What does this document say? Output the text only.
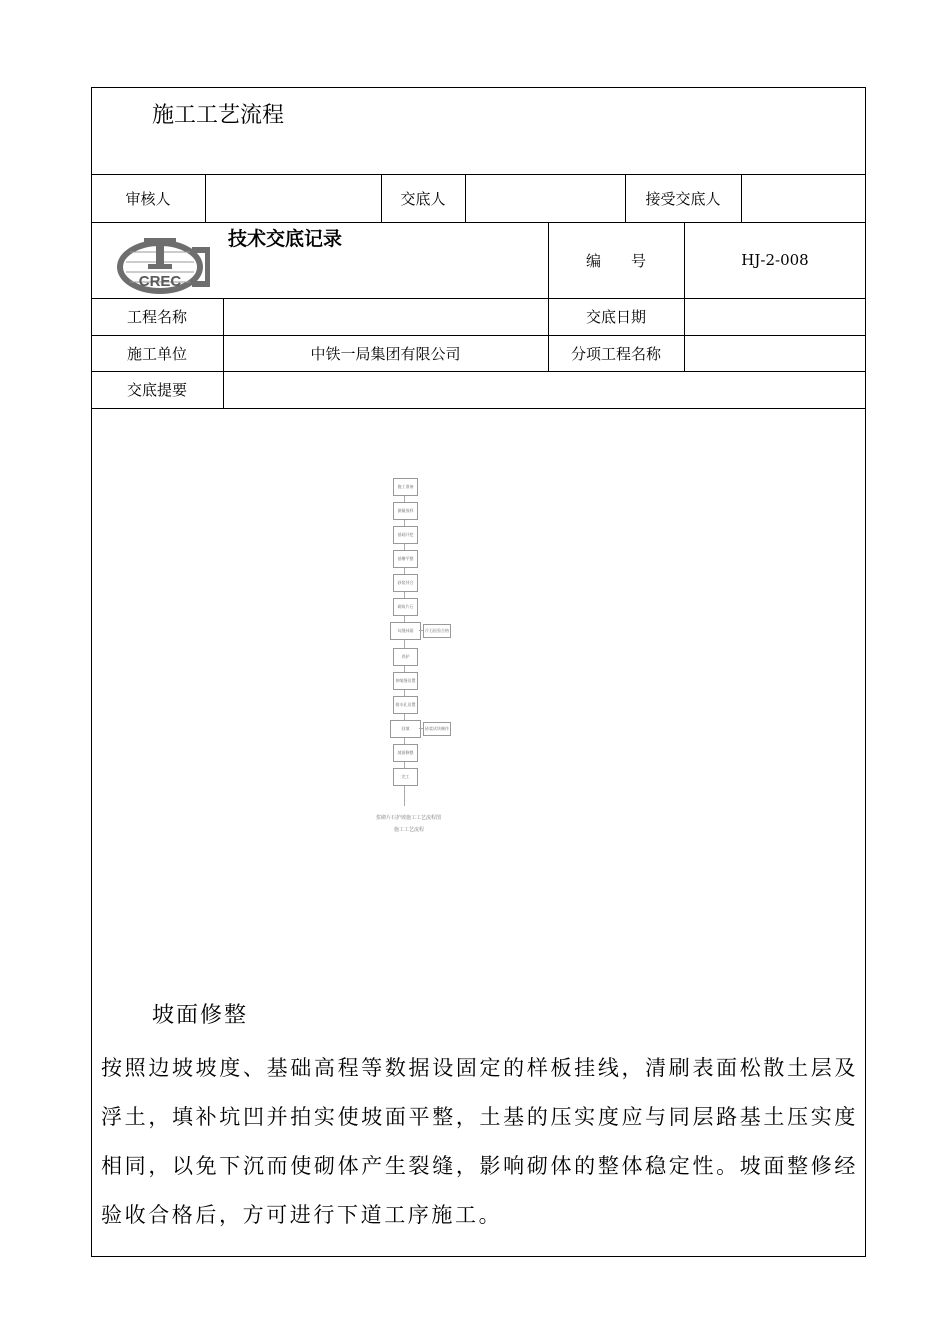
施工工艺流程
审核人	交底人	接受交底人
CREC
技术交底记录
编　　号	HJ-2-008
工程名称	交底日期
施工单位	中铁一局集团有限公司	分项工程名称
交底提要
施工准备
测量放样
基础开挖
基槽平整
砂浆拌合
砌筑片石
勾缝抹面
养护
伸缩缝设置
排水孔设置
回填
坡面修整
完工
片石检验合格
砂浆试块制作
浆砌片石护坡施工工艺流程图
施工工艺流程
坡面修整
按照边坡坡度、基础高程等数据设固定的样板挂线，清刷表面松散土层及浮土，填补坑凹并拍实使坡面平整，土基的压实度应与同层路基土压实度相同，以免下沉而使砌体产生裂缝，影响砌体的整体稳定性。坡面整修经验收合格后，方可进行下道工序施工。
